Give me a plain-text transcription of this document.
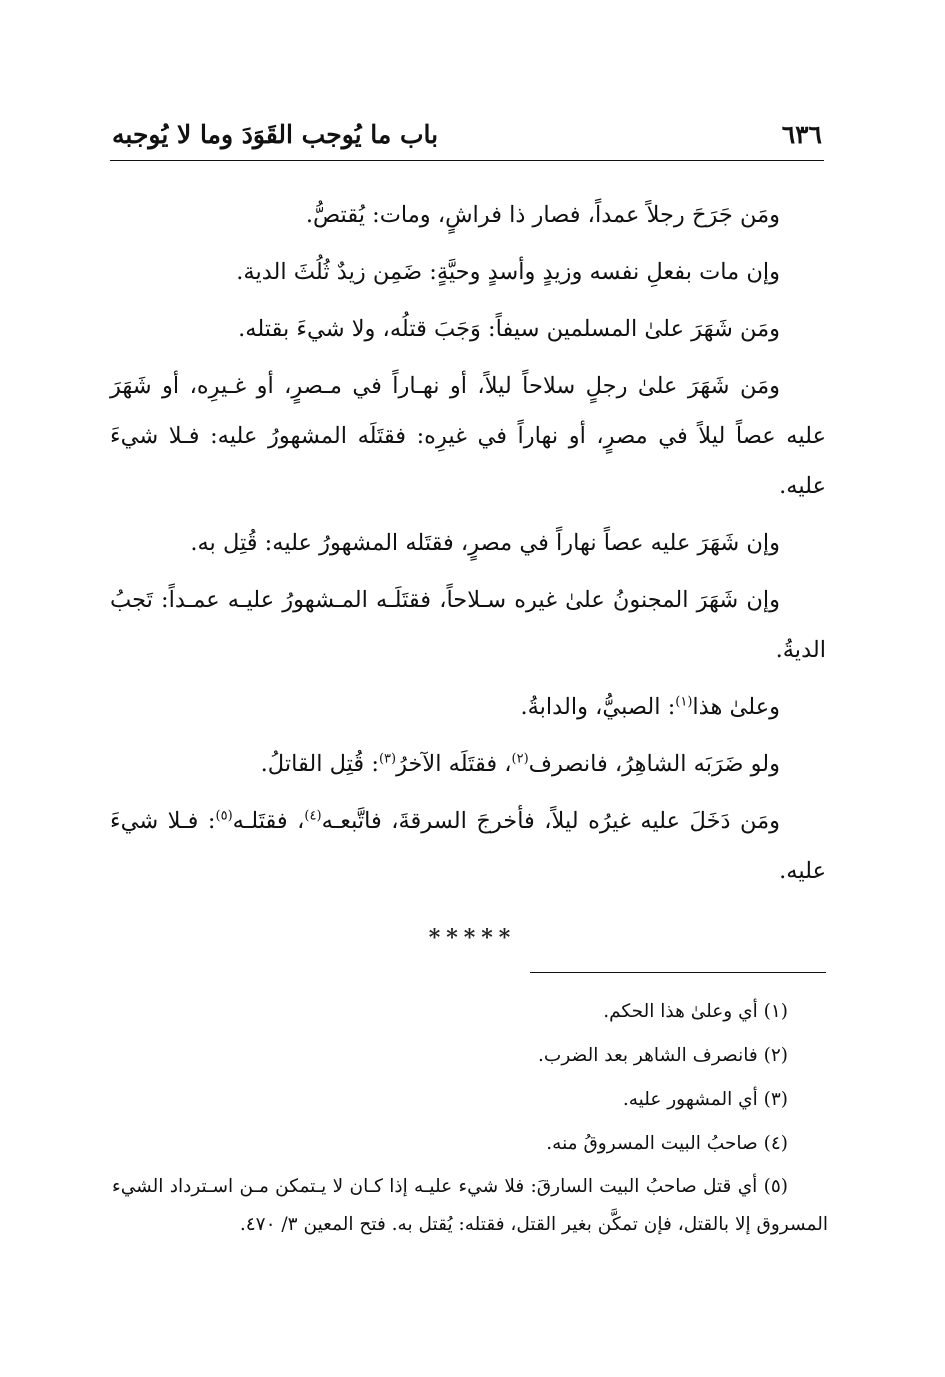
باب ما يُوجب القَوَدَ وما لا يُوجبه	٦٣٦

ومَن جَرَحَ رجلاً عمداً، فصار ذا فراشٍ، ومات: يُقتصُّ.

وإن مات بفعلِ نفسه وزيدٍ وأسدٍ وحيَّةٍ: ضَمِن زيدٌ ثُلُثَ الدية.

ومَن شَهَرَ علىٰ المسلمين سيفاً: وَجَبَ قتلُه، ولا شيءَ بقتله.

ومَن شَهَرَ علىٰ رجلٍ سلاحاً ليلاً، أو نهـاراً في مـصرٍ، أو غـيرِه، أو شَهَرَ عليه عصاً ليلاً في مصرٍ، أو نهاراً في غيرِه: فقتَلَه المشهورُ عليه: فـلا شيءَ عليه.

وإن شَهَرَ عليه عصاً نهاراً في مصرٍ، فقتَله المشهورُ عليه: قُتِل به.

وإن شَهَرَ المجنونُ علىٰ غيره سـلاحاً، فقتَلَـه المـشهورُ عليـه عمـداً: تَجبُ الديةُ.

وعلىٰ هذا$^{(١)}$: الصبيُّ، والدابةُ.

ولو ضَرَبَه الشاهِرُ، فانصرف$^{(٢)}$، فقتَلَه الآخرُ$^{(٣)}$: قُتِل القاتلُ.

ومَن دَخَلَ عليه غيرُه ليلاً، فأخرجَ السرقةَ، فاتَّبعـه$^{(٤)}$، فقتَلـه$^{(٥)}$: فـلا شيءَ عليه.

*****

(١) أي وعلىٰ هذا الحكم.

(٢) فانصرف الشاهر بعد الضرب.

(٣) أي المشهور عليه.

(٤) صاحبُ البيت المسروقُ منه.

(٥) أي قتل صاحبُ البيت السارقَ: فلا شيء عليـه إذا كـان لا يـتمكن مـن اسـترداد الشيء المسروق إلا بالقتل، فإن تمكَّن بغير القتل، فقتله: يُقتل به. فتح المعين ٣/ ٤٧٠.
